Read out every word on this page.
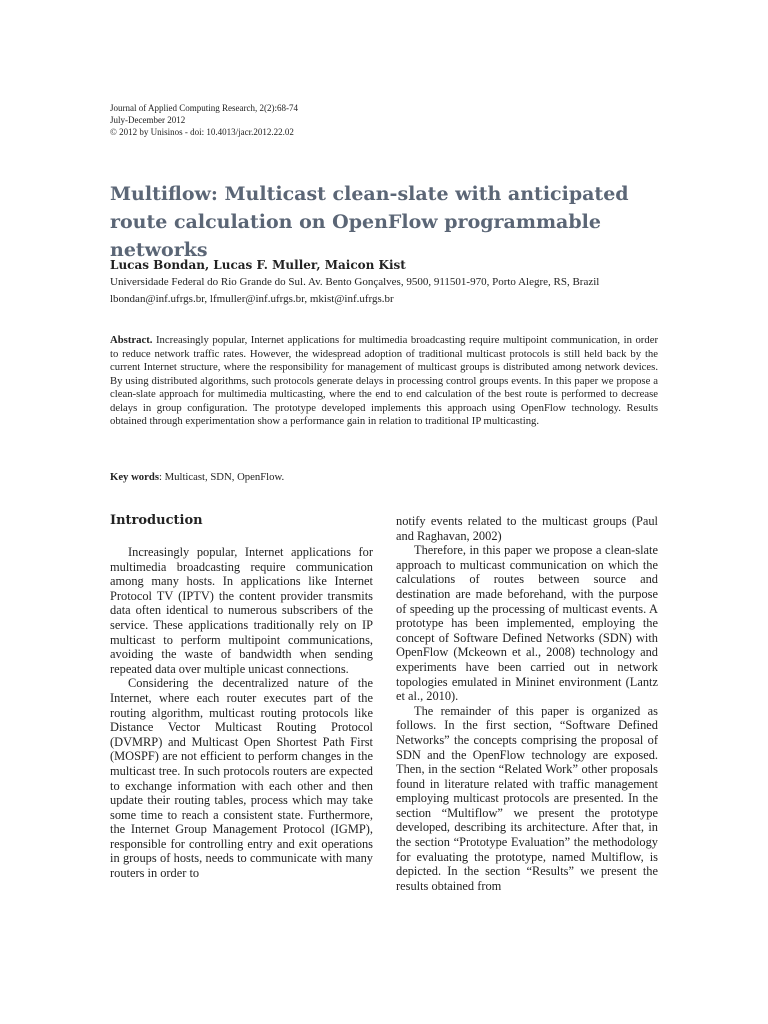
Journal of Applied Computing Research, 2(2):68-74
July-December 2012
© 2012 by Unisinos - doi: 10.4013/jacr.2012.22.02
Multiflow: Multicast clean-slate with anticipated route calculation on OpenFlow programmable networks
Lucas Bondan, Lucas F. Muller, Maicon Kist
Universidade Federal do Rio Grande do Sul. Av. Bento Gonçalves, 9500, 911501-970, Porto Alegre, RS, Brazil
lbondan@inf.ufrgs.br, lfmuller@inf.ufrgs.br, mkist@inf.ufrgs.br

Abstract. Increasingly popular, Internet applications for multimedia broadcasting require multipoint communication, in order to reduce network traffic rates. However, the widespread adoption of traditional multicast protocols is still held back by the current Internet structure, where the responsibility for management of multicast groups is distributed among network devices. By using distributed algorithms, such protocols generate delays in processing control groups events. In this paper we propose a clean-slate approach for multimedia multicasting, where the end to end calculation of the best route is performed to decrease delays in group configuration. The prototype developed implements this approach using OpenFlow technology. Results obtained through experimentation show a performance gain in relation to traditional IP multicasting.

Key words: Multicast, SDN, OpenFlow.
Introduction

Increasingly popular, Internet applications for multimedia broadcasting require communication among many hosts. In applications like Internet Protocol TV (IPTV) the content provider transmits data often identical to numerous subscribers of the service. These applications traditionally rely on IP multicast to perform multipoint communications, avoiding the waste of bandwidth when sending repeated data over multiple unicast connections.

Considering the decentralized nature of the Internet, where each router executes part of the routing algorithm, multicast routing protocols like Distance Vector Multicast Routing Protocol (DVMRP) and Multicast Open Shortest Path First (MOSPF) are not efficient to perform changes in the multicast tree. In such protocols routers are expected to exchange information with each other and then update their routing tables, process which may take some time to reach a consistent state. Furthermore, the Internet Group Management Protocol (IGMP), responsible for controlling entry and exit operations in groups of hosts, needs to communicate with many routers in order to

notify events related to the multicast groups (Paul and Raghavan, 2002)

Therefore, in this paper we propose a clean-slate approach to multicast communication on which the calculations of routes between source and destination are made beforehand, with the purpose of speeding up the processing of multicast events. A prototype has been implemented, employing the concept of Software Defined Networks (SDN) with OpenFlow (Mckeown et al., 2008) technology and experiments have been carried out in network topologies emulated in Mininet environment (Lantz et al., 2010).

The remainder of this paper is organized as follows. In the first section, “Software Defined Networks” the concepts comprising the proposal of SDN and the OpenFlow technology are exposed. Then, in the section “Related Work” other proposals found in literature related with traffic management employing multicast protocols are presented. In the section “Multiflow” we present the prototype developed, describing its architecture. After that, in the section “Prototype Evaluation” the methodology for evaluating the prototype, named Multiflow, is depicted. In the section “Results” we present the results obtained from
